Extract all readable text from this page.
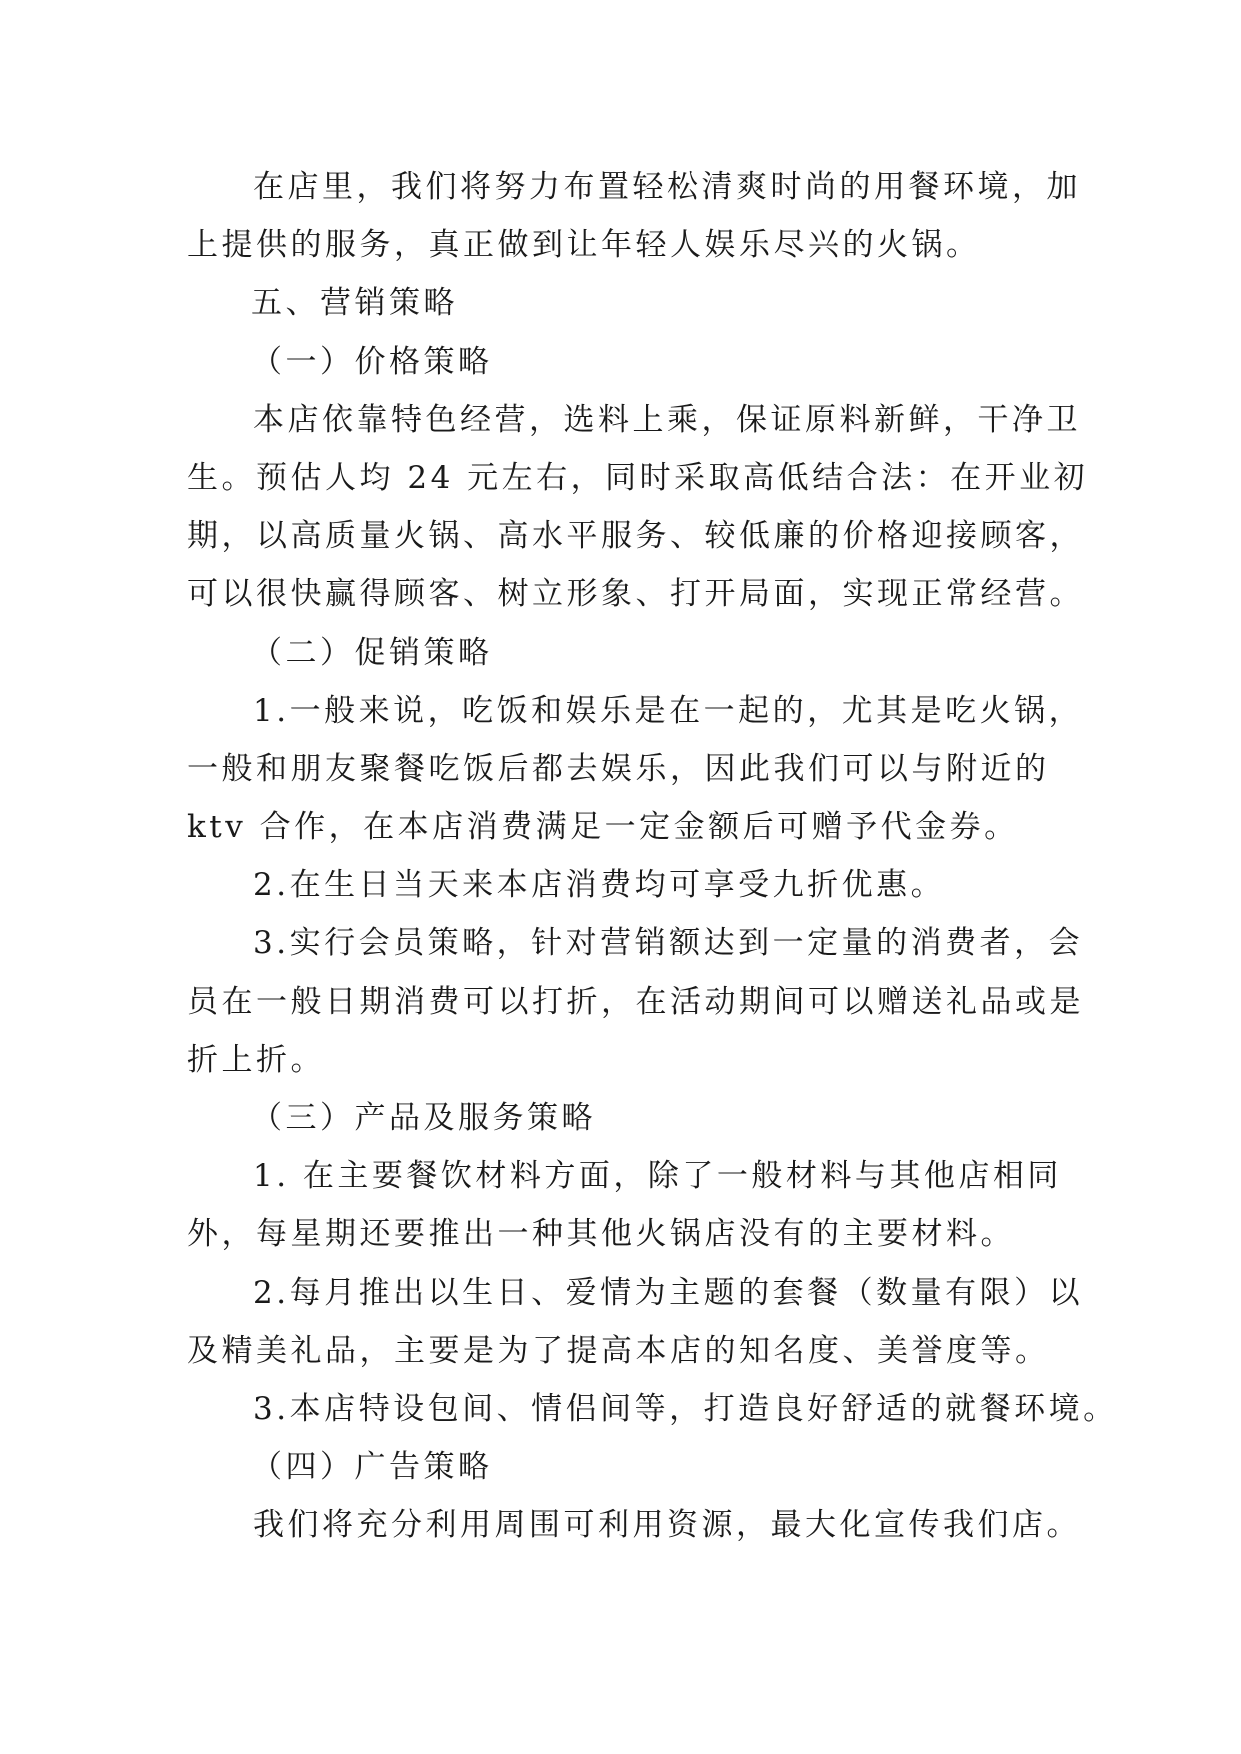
在店里，我们将努力布置轻松清爽时尚的用餐环境，加
上提供的服务，真正做到让年轻人娱乐尽兴的火锅。
五、营销策略
（一）价格策略
本店依靠特色经营，选料上乘，保证原料新鲜，干净卫
生。预估人均 24 元左右，同时采取高低结合法：在开业初
期，以高质量火锅、高水平服务、较低廉的价格迎接顾客，
可以很快赢得顾客、树立形象、打开局面，实现正常经营。
（二）促销策略
1.一般来说，吃饭和娱乐是在一起的，尤其是吃火锅，
一般和朋友聚餐吃饭后都去娱乐，因此我们可以与附近的
ktv 合作，在本店消费满足一定金额后可赠予代金券。
2.在生日当天来本店消费均可享受九折优惠。
3.实行会员策略，针对营销额达到一定量的消费者，会
员在一般日期消费可以打折，在活动期间可以赠送礼品或是
折上折。
（三）产品及服务策略
1. 在主要餐饮材料方面，除了一般材料与其他店相同
外，每星期还要推出一种其他火锅店没有的主要材料。
2.每月推出以生日、爱情为主题的套餐（数量有限）以
及精美礼品，主要是为了提高本店的知名度、美誉度等。
3.本店特设包间、情侣间等，打造良好舒适的就餐环境。
（四）广告策略
我们将充分利用周围可利用资源，最大化宣传我们店。
